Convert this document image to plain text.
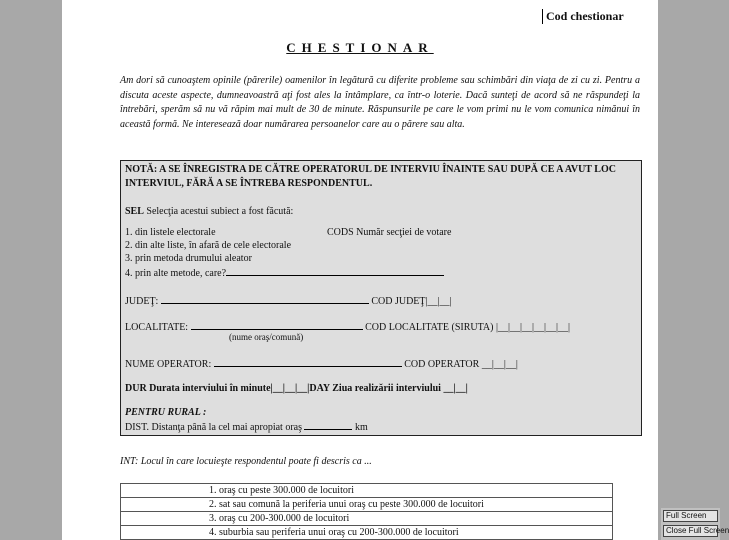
Cod chestionar
CHESTIONAR
Am dori să cunoaştem opinile (părerile) oamenilor în legătură cu diferite probleme sau schimbări din viaţa de zi cu zi. Pentru a discuta aceste aspecte, dumneavoastră aţi fost ales la întâmplare, ca într-o loterie. Dacă sunteţi de acord să ne răspundeţi la întrebări, sperăm să nu vă răpim mai mult de 30 de minute. Răspunsurile pe care le vom primi nu le vom comunica nimănui în această formă. Ne interesează doar numărarea persoanelor care au o părere sau alta.
NOTĂ: A SE ÎNREGISTRA DE CĂTRE OPERATORUL DE INTERVIU ÎNAINTE SAU DUPĂ CE A AVUT LOC
INTERVIUL, FĂRĂ A SE ÎNTREBA RESPONDENTUL.
SEL Selecţia acestui subiect a fost făcută:
1. din listele electorale	CODS Număr secţiei de votare
2. din alte liste, în afară de cele electorale
3. prin metoda drumului aleator
4. prin alte metode, care?
JUDEŢ:	COD JUDEŢ|__|__|
LOCALITATE:	COD LOCALITATE (SIRUTA) |__|__|__|__|__|__|
(nume oraş/comună)
NUME OPERATOR:	COD OPERATOR __|__|__|
DUR Durata interviului în minute|__|__|__|DAY Ziua realizării interviului __|__|
PENTRU RURAL :
DIST. Distanţa până la cel mai apropiat oraş	km
INT: Locul în care locuieşte respondentul poate fi descris ca ...
1. oraş cu peste 300.000 de locuitori
2. sat sau comună la periferia unui oraş cu peste 300.000 de locuitori
3. oraş cu 200-300.000 de locuitori
4. suburbia sau periferia unui oraş cu 200-300.000 de locuitori
Full Screen
Close Full Screen
